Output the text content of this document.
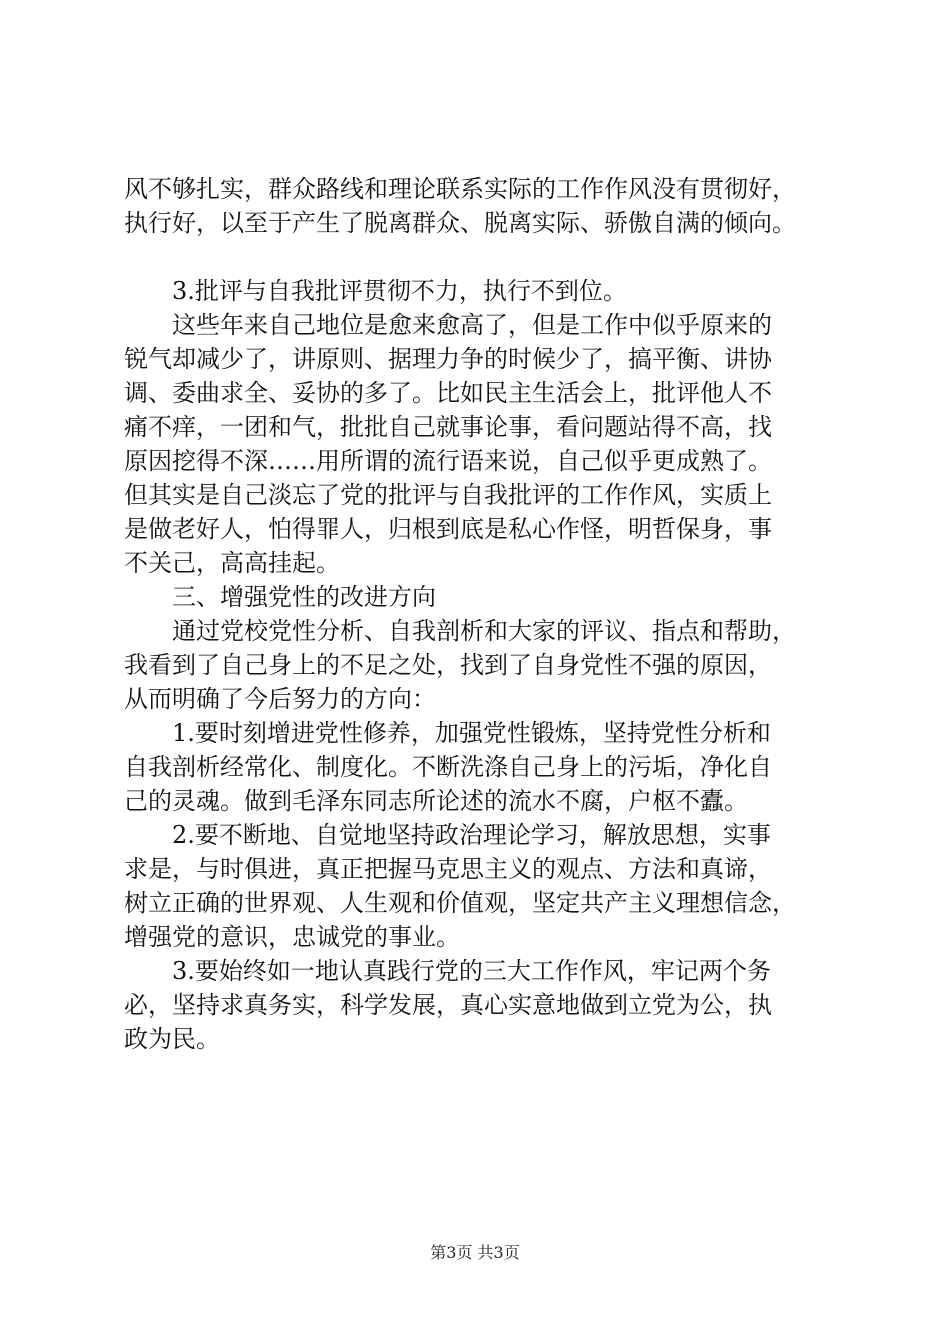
风不够扎实，群众路线和理论联系实际的工作作风没有贯彻好，
执行好，以至于产生了脱离群众、脱离实际、骄傲自满的倾向。

3.批评与自我批评贯彻不力，执行不到位。

这些年来自己地位是愈来愈高了，但是工作中似乎原来的
锐气却减少了，讲原则、据理力争的时候少了，搞平衡、讲协
调、委曲求全、妥协的多了。比如民主生活会上，批评他人不
痛不痒，一团和气，批批自己就事论事，看问题站得不高，找
原因挖得不深……用所谓的流行语来说，自己似乎更成熟了。
但其实是自己淡忘了党的批评与自我批评的工作作风，实质上
是做老好人，怕得罪人，归根到底是私心作怪，明哲保身，事
不关己，高高挂起。

三、增强党性的改进方向

通过党校党性分析、自我剖析和大家的评议、指点和帮助，
我看到了自己身上的不足之处，找到了自身党性不强的原因，
从而明确了今后努力的方向：

1.要时刻增进党性修养，加强党性锻炼，坚持党性分析和
自我剖析经常化、制度化。不断洗涤自己身上的污垢，净化自
己的灵魂。做到毛泽东同志所论述的流水不腐，户枢不蠹。

2.要不断地、自觉地坚持政治理论学习，解放思想，实事
求是，与时俱进，真正把握马克思主义的观点、方法和真谛，
树立正确的世界观、人生观和价值观，坚定共产主义理想信念，
增强党的意识，忠诚党的事业。

3.要始终如一地认真践行党的三大工作作风，牢记两个务
必，坚持求真务实，科学发展，真心实意地做到立党为公，执
政为民。

第3页 共3页
